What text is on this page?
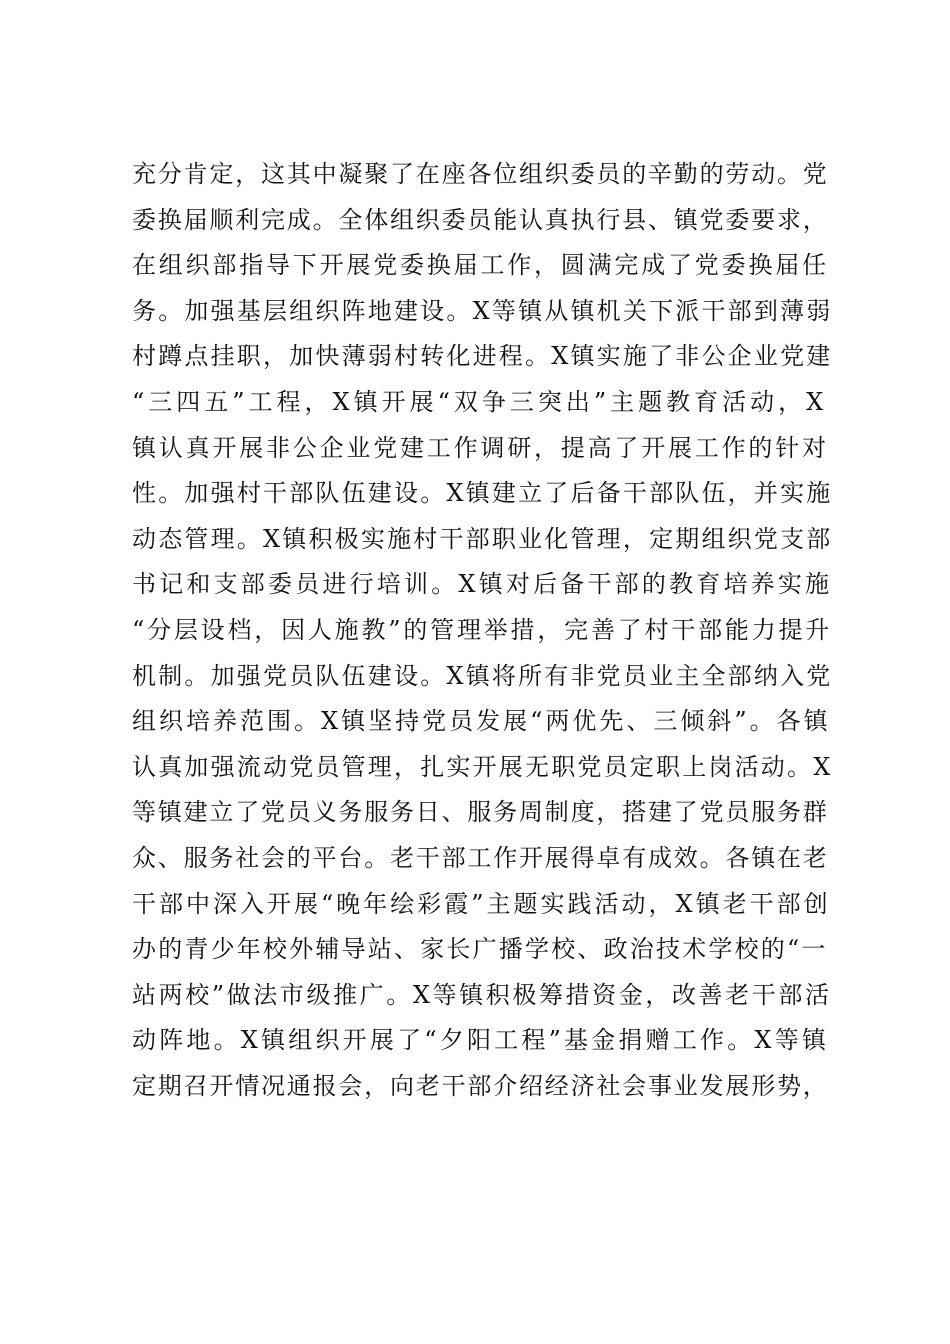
充分肯定，这其中凝聚了在座各位组织委员的辛勤的劳动。党
委换届顺利完成。全体组织委员能认真执行县、镇党委要求，
在组织部指导下开展党委换届工作，圆满完成了党委换届任
务。加强基层组织阵地建设。X等镇从镇机关下派干部到薄弱
村蹲点挂职，加快薄弱村转化进程。X镇实施了非公企业党建
“三四五”工程，X镇开展“双争三突出”主题教育活动，X
镇认真开展非公企业党建工作调研，提高了开展工作的针对
性。加强村干部队伍建设。X镇建立了后备干部队伍，并实施
动态管理。X镇积极实施村干部职业化管理，定期组织党支部
书记和支部委员进行培训。X镇对后备干部的教育培养实施
“分层设档，因人施教”的管理举措，完善了村干部能力提升
机制。加强党员队伍建设。X镇将所有非党员业主全部纳入党
组织培养范围。X镇坚持党员发展“两优先、三倾斜”。各镇
认真加强流动党员管理，扎实开展无职党员定职上岗活动。X
等镇建立了党员义务服务日、服务周制度，搭建了党员服务群
众、服务社会的平台。老干部工作开展得卓有成效。各镇在老
干部中深入开展“晚年绘彩霞”主题实践活动，X镇老干部创
办的青少年校外辅导站、家长广播学校、政治技术学校的“一
站两校”做法市级推广。X等镇积极筹措资金，改善老干部活
动阵地。X镇组织开展了“夕阳工程”基金捐赠工作。X等镇
定期召开情况通报会，向老干部介绍经济社会事业发展形势，
